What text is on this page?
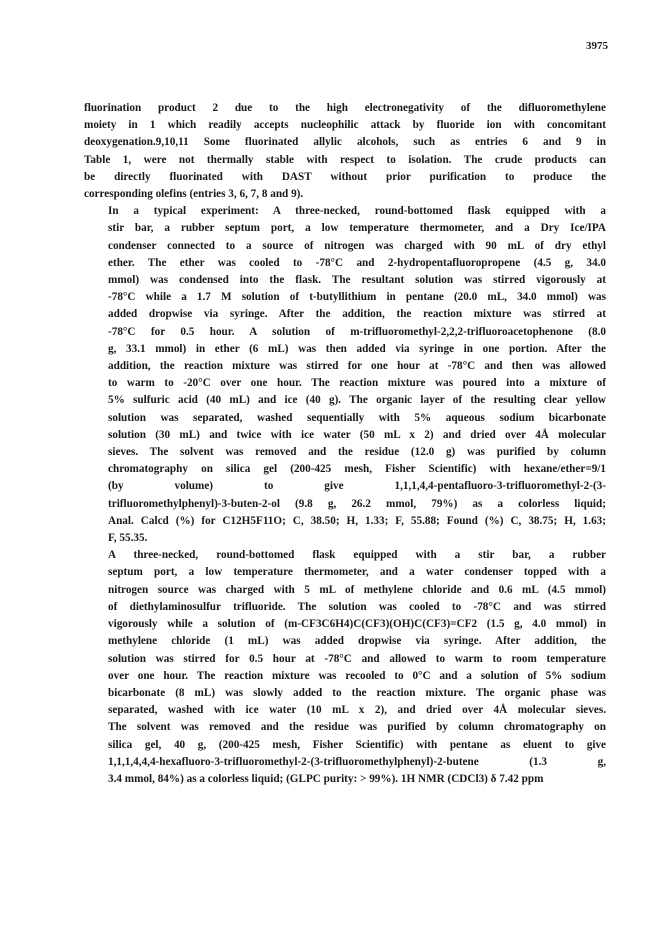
3975
fluorination product 2 due to the high electronegativity of the difluoromethylene
moiety in 1 which readily accepts nucleophilic attack by fluoride ion with concomitant
deoxygenation.9,10,11 Some fluorinated allylic alcohols, such as entries 6 and 9 in
Table 1, were not thermally stable with respect to isolation. The crude products can
be directly fluorinated with DAST without prior purification to produce the
corresponding olefins (entries 3, 6, 7, 8 and 9).
In a typical experiment: A three-necked, round-bottomed flask equipped with a
stir bar, a rubber septum port, a low temperature thermometer, and a Dry Ice/IPA
condenser connected to a source of nitrogen was charged with 90 mL of dry ethyl
ether. The ether was cooled to -78°C and 2-hydropentafluoropropene (4.5 g, 34.0
mmol) was condensed into the flask. The resultant solution was stirred vigorously at
-78°C while a 1.7 M solution of t-butyllithium in pentane (20.0 mL, 34.0 mmol) was
added dropwise via syringe. After the addition, the reaction mixture was stirred at
-78°C for 0.5 hour. A solution of m-trifluoromethyl-2,2,2-trifluoroacetophenone (8.0
g, 33.1 mmol) in ether (6 mL) was then added via syringe in one portion. After the
addition, the reaction mixture was stirred for one hour at -78°C and then was allowed
to warm to -20°C over one hour. The reaction mixture was poured into a mixture of
5% sulfuric acid (40 mL) and ice (40 g). The organic layer of the resulting clear yellow
solution was separated, washed sequentially with 5% aqueous sodium bicarbonate
solution (30 mL) and twice with ice water (50 mL x 2) and dried over 4Å molecular
sieves. The solvent was removed and the residue (12.0 g) was purified by column
chromatography on silica gel (200-425 mesh, Fisher Scientific) with hexane/ether=9/1
(by volume) to give 1,1,1,4,4-pentafluoro-3-trifluoromethyl-2-(3-
trifluoromethylphenyl)-3-buten-2-ol (9.8 g, 26.2 mmol, 79%) as a colorless liquid;
Anal. Calcd (%) for C12H5F11O; C, 38.50; H, 1.33; F, 55.88; Found (%) C, 38.75; H, 1.63;
F, 55.35.
A three-necked, round-bottomed flask equipped with a stir bar, a rubber
septum port, a low temperature thermometer, and a water condenser topped with a
nitrogen source was charged with 5 mL of methylene chloride and 0.6 mL (4.5 mmol)
of diethylaminosulfur trifluoride. The solution was cooled to -78°C and was stirred
vigorously while a solution of (m-CF3C6H4)C(CF3)(OH)C(CF3)=CF2 (1.5 g, 4.0 mmol) in
methylene chloride (1 mL) was added dropwise via syringe. After addition, the
solution was stirred for 0.5 hour at -78°C and allowed to warm to room temperature
over one hour. The reaction mixture was recooled to 0°C and a solution of 5% sodium
bicarbonate (8 mL) was slowly added to the reaction mixture. The organic phase was
separated, washed with ice water (10 mL x 2), and dried over 4Å molecular sieves.
The solvent was removed and the residue was purified by column chromatography on
silica gel, 40 g, (200-425 mesh, Fisher Scientific) with pentane as eluent to give
1,1,1,4,4,4-hexafluoro-3-trifluoromethyl-2-(3-trifluoromethylphenyl)-2-butene (1.3 g,
3.4 mmol, 84%) as a colorless liquid; (GLPC purity: > 99%). 1H NMR (CDCl3) δ 7.42 ppm
